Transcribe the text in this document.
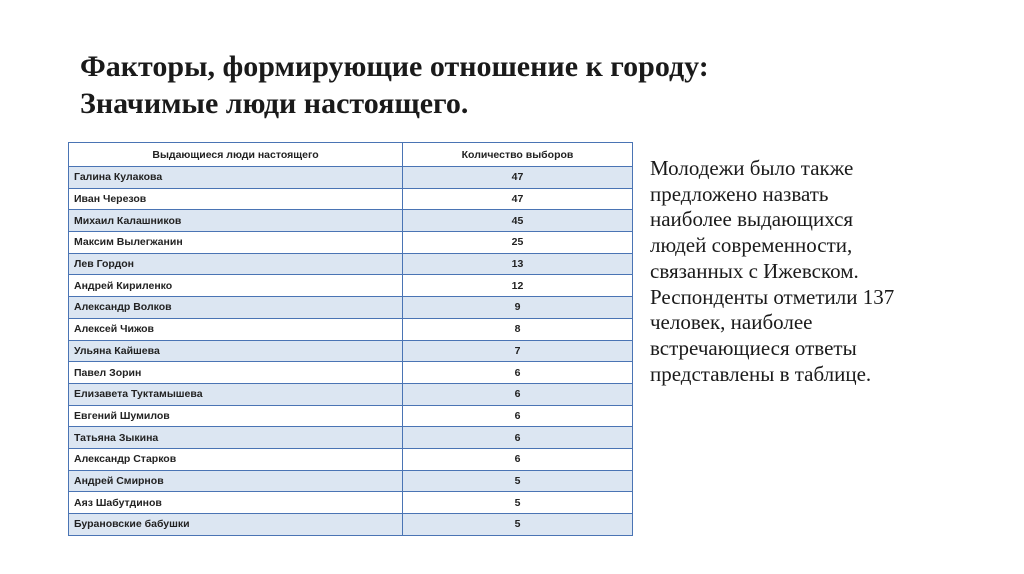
Факторы, формирующие отношение к городу:
Значимые люди настоящего.
Выдающиеся люди настоящего	Количество выборов
Галина Кулакова	47
Иван Черезов	47
Михаил Калашников	45
Максим Вылегжанин	25
Лев Гордон	13
Андрей Кириленко	12
Александр Волков	9
Алексей Чижов	8
Ульяна Кайшева	7
Павел Зорин	6
Елизавета Туктамышева	6
Евгений Шумилов	6
Татьяна Зыкина	6
Александр Старков	6
Андрей Смирнов	5
Аяз Шабутдинов	5
Бурановские бабушки	5
Молодежи было также
предложено назвать
наиболее выдающихся
людей современности,
связанных с Ижевском.
Респонденты отметили 137
человек, наиболее
встречающиеся ответы
представлены в таблице.
